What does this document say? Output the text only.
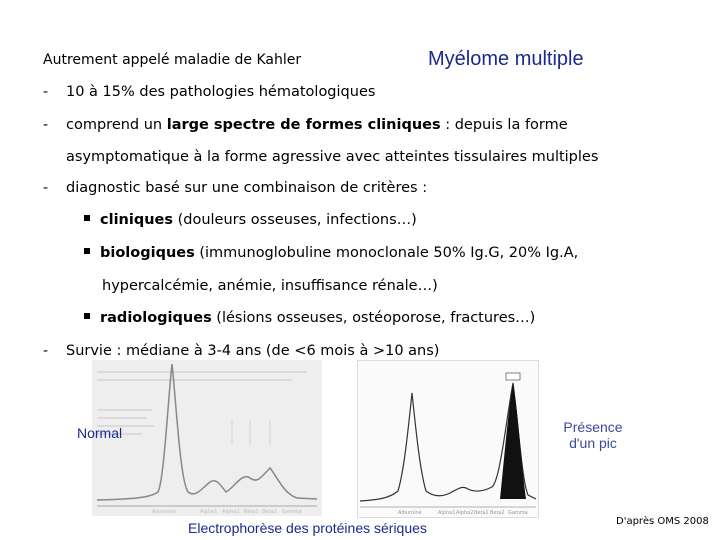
Autrement appelé maladie de Kahler	Myélome multiple
- 10 à 15% des pathologies hématologiques
- comprend un large spectre de formes cliniques : depuis la forme
asymptomatique à la forme agressive avec atteintes tissulaires multiples
- diagnostic basé sur une combinaison de critères :
cliniques (douleurs osseuses, infections…)
biologiques (immunoglobuline monoclonale 50% Ig.G, 20% Ig.A,
hypercalcémie, anémie, insuffisance rénale…)
radiologiques (lésions osseuses, ostéoporose, fractures…)
- Survie : médiane à 3-4 ans (de <6 mois à >10 ans)
Albumine	Alpha1 Alpha2 Beta1 Beta2 Gamma	Albumine	Alpha1 Alpha2 Beta1 Beta2 Gamma
Normal	Présence
d'un pic
Electrophorèse des protéines sériques	D'après OMS 2008
